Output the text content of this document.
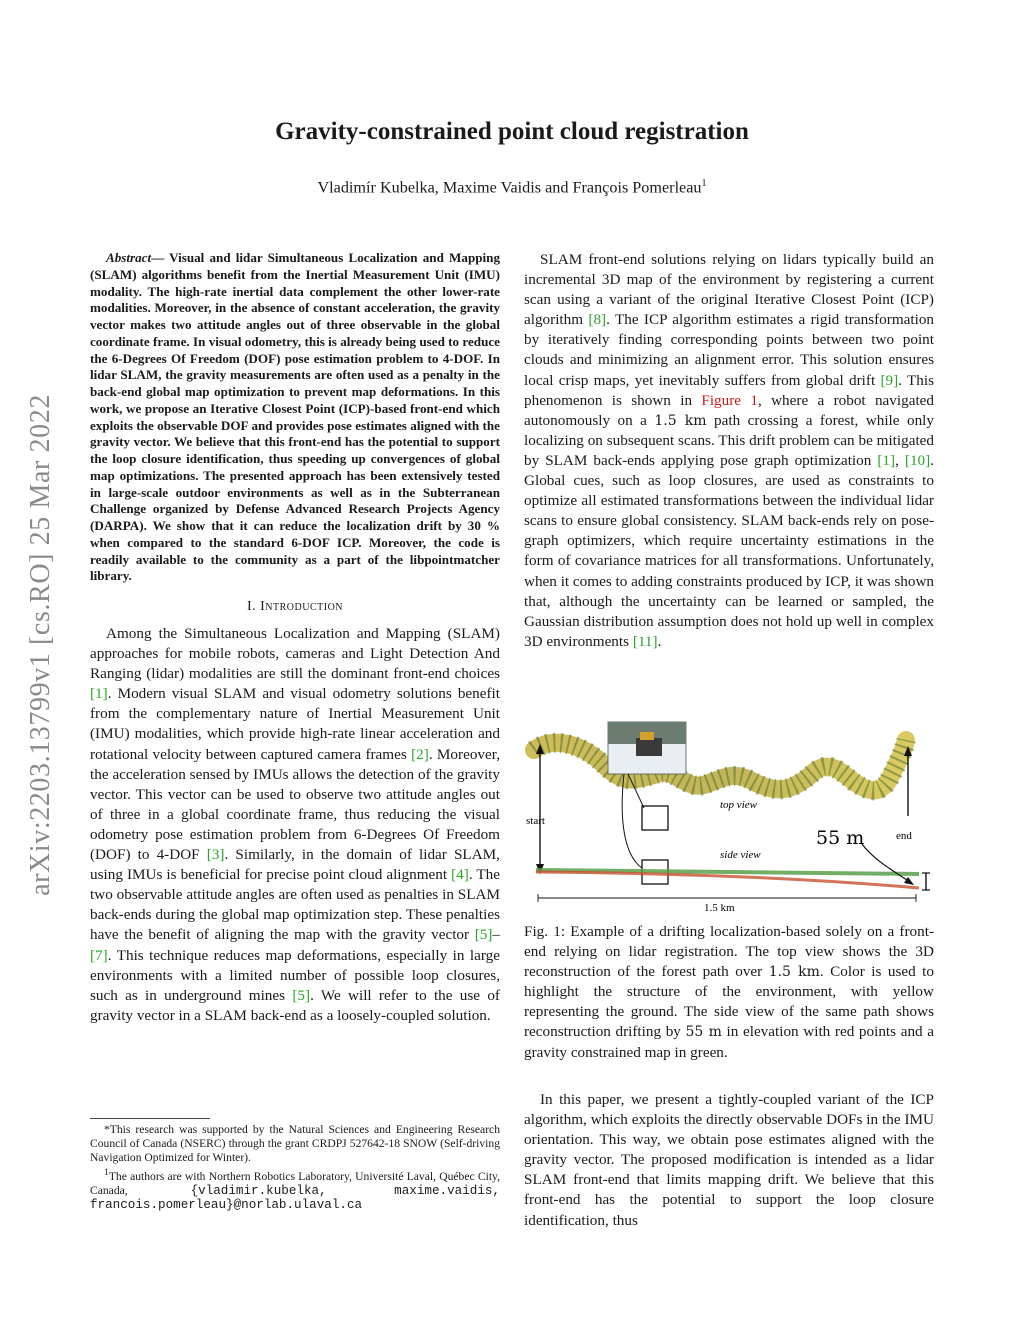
arXiv:2203.13799v1 [cs.RO] 25 Mar 2022
Gravity-constrained point cloud registration
Vladimír Kubelka, Maxime Vaidis and François Pomerleau$^1$

Abstract— Visual and lidar Simultaneous Localization and Mapping (SLAM) algorithms benefit from the Inertial Measurement Unit (IMU) modality. The high-rate inertial data complement the other lower-rate modalities. Moreover, in the absence of constant acceleration, the gravity vector makes two attitude angles out of three observable in the global coordinate frame. In visual odometry, this is already being used to reduce the 6-Degrees Of Freedom (DOF) pose estimation problem to 4-DOF. In lidar SLAM, the gravity measurements are often used as a penalty in the back-end global map optimization to prevent map deformations. In this work, we propose an Iterative Closest Point (ICP)-based front-end which exploits the observable DOF and provides pose estimates aligned with the gravity vector. We believe that this front-end has the potential to support the loop closure identification, thus speeding up convergences of global map optimizations. The presented approach has been extensively tested in large-scale outdoor environments as well as in the Subterranean Challenge organized by Defense Advanced Research Projects Agency (DARPA). We show that it can reduce the localization drift by 30 % when compared to the standard 6-DOF ICP. Moreover, the code is readily available to the community as a part of the libpointmatcher library.

I. Introduction

Among the Simultaneous Localization and Mapping (SLAM) approaches for mobile robots, cameras and Light Detection And Ranging (lidar) modalities are still the dominant front-end choices [1]. Modern visual SLAM and visual odometry solutions benefit from the complementary nature of Inertial Measurement Unit (IMU) modalities, which provide high-rate linear acceleration and rotational velocity between captured camera frames [2]. Moreover, the acceleration sensed by IMUs allows the detection of the gravity vector. This vector can be used to observe two attitude angles out of three in a global coordinate frame, thus reducing the visual odometry pose estimation problem from 6-Degrees Of Freedom (DOF) to 4-DOF [3]. Similarly, in the domain of lidar SLAM, using IMUs is beneficial for precise point cloud alignment [4]. The two observable attitude angles are often used as penalties in SLAM back-ends during the global map optimization step. These penalties have the benefit of aligning the map with the gravity vector [5]–[7]. This technique reduces map deformations, especially in large environments with a limited number of possible loop closures, such as in underground mines [5]. We will refer to the use of gravity vector in a SLAM back-end as a loosely-coupled solution.

*This research was supported by the Natural Sciences and Engineering Research Council of Canada (NSERC) through the grant CRDPJ 527642-18 SNOW (Self-driving Navigation Optimized for Winter).

$^1$The authors are with Northern Robotics Laboratory, Université Laval, Québec City, Canada, {vladimir.kubelka, maxime.vaidis, francois.pomerleau}@norlab.ulaval.ca

SLAM front-end solutions relying on lidars typically build an incremental 3D map of the environment by registering a current scan using a variant of the original Iterative Closest Point (ICP) algorithm [8]. The ICP algorithm estimates a rigid transformation by iteratively finding corresponding points between two point clouds and minimizing an alignment error. This solution ensures local crisp maps, yet inevitably suffers from global drift [9]. This phenomenon is shown in Figure 1, where a robot navigated autonomously on a 1.5 km path crossing a forest, while only localizing on subsequent scans. This drift problem can be mitigated by SLAM back-ends applying pose graph optimization [1], [10]. Global cues, such as loop closures, are used as constraints to optimize all estimated transformations between the individual lidar scans to ensure global consistency. SLAM back-ends rely on pose-graph optimizers, which require uncertainty estimations in the form of covariance matrices for all transformations. Unfortunately, when it comes to adding constraints produced by ICP, it was shown that, although the uncertainty can be learned or sampled, the Gaussian distribution assumption does not hold up well in complex 3D environments [11].

start
end
top view
55 m
side view
1.5 km
Fig. 1: Example of a drifting localization-based solely on a front-end relying on lidar registration. The top view shows the 3D reconstruction of the forest path over 1.5 km. Color is used to highlight the structure of the environment, with yellow representing the ground. The side view of the same path shows reconstruction drifting by 55 m in elevation with red points and a gravity constrained map in green.

In this paper, we present a tightly-coupled variant of the ICP algorithm, which exploits the directly observable DOFs in the IMU orientation. This way, we obtain pose estimates aligned with the gravity vector. The proposed modification is intended as a lidar SLAM front-end that limits mapping drift. We believe that this front-end has the potential to support the loop closure identification, thus
